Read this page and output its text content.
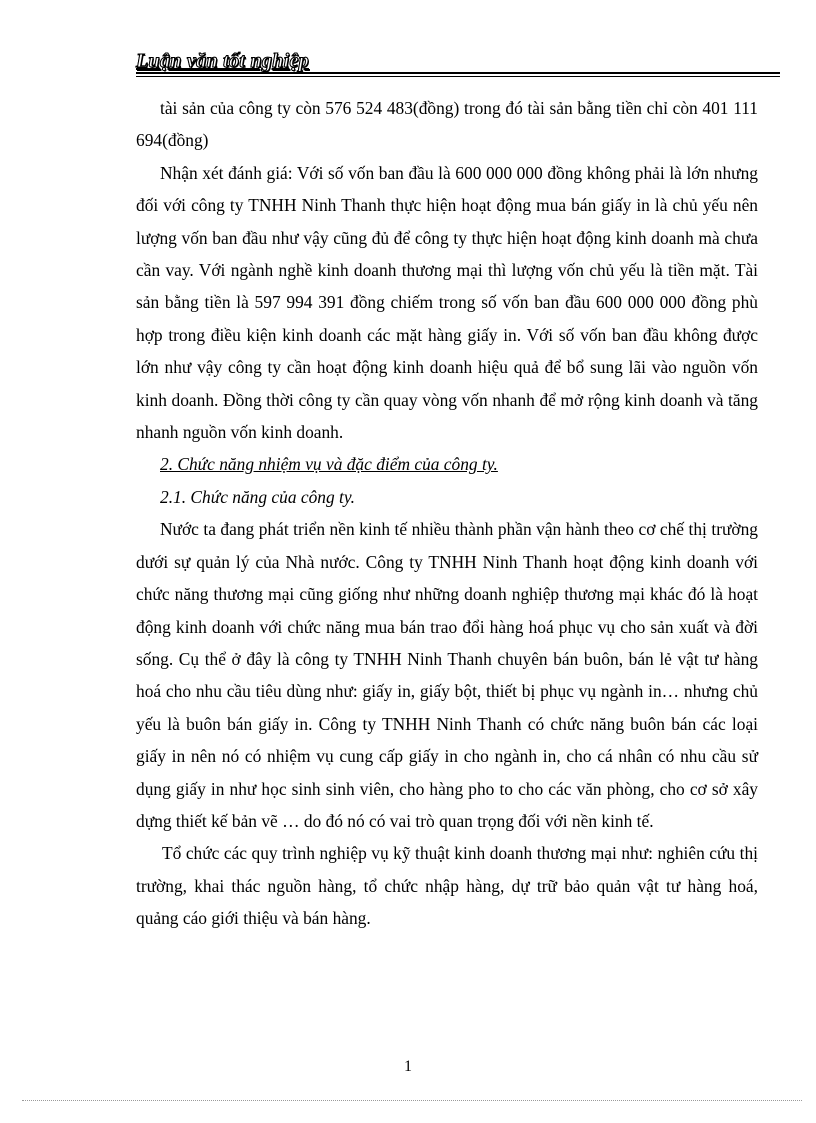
Luận văn tốt nghiệp

tài sản của công ty còn 576 524 483(đồng) trong đó tài sản bằng tiền chỉ còn 401 111 694(đồng)

Nhận xét đánh giá: Với số vốn ban đầu là 600 000 000 đồng không phải là lớn nhưng đối với công ty TNHH Ninh Thanh thực hiện hoạt động mua bán giấy in là chủ yếu nên lượng vốn ban đầu như vậy cũng đủ để công ty thực hiện hoạt động kinh doanh mà chưa cần vay. Với ngành nghề kinh doanh thương mại thì lượng vốn chủ yếu là tiền mặt. Tài sản bằng tiền là 597 994 391 đồng chiếm trong số vốn ban đầu 600 000 000 đồng phù hợp trong điều kiện kinh doanh các mặt hàng giấy in. Với số vốn ban đầu không được lớn như vậy công ty cần hoạt động kinh doanh hiệu quả để bổ sung lãi vào nguồn vốn kinh doanh. Đồng thời công ty cần quay vòng vốn nhanh để mở rộng kinh doanh và tăng nhanh nguồn vốn kinh doanh.

2. Chức năng nhiệm vụ và đặc điểm của công ty.

2.1. Chức năng của công ty.

Nước ta đang phát triển nền kinh tế nhiều thành phần vận hành theo cơ chế thị trường dưới sự quản lý của Nhà nước. Công ty TNHH Ninh Thanh hoạt động kinh doanh với chức năng thương mại cũng giống như những doanh nghiệp thương mại khác đó là hoạt động kinh doanh với chức năng mua bán trao đổi hàng hoá phục vụ cho sản xuất và đời sống. Cụ thể ở đây là công ty TNHH Ninh Thanh chuyên bán buôn, bán lẻ vật tư hàng hoá cho nhu cầu tiêu dùng như: giấy in, giấy bột, thiết bị phục vụ ngành in… nhưng chủ yếu là buôn bán giấy in. Công ty TNHH Ninh Thanh có chức năng buôn bán các loại giấy in nên nó có nhiệm vụ cung cấp giấy in cho ngành in, cho cá nhân có nhu cầu sử dụng giấy in như học sinh sinh viên, cho hàng pho to cho các văn phòng, cho cơ sở xây dựng thiết kế bản vẽ … do đó nó có vai trò quan trọng đối với nền kinh tế.

Tổ chức các quy trình nghiệp vụ kỹ thuật kinh doanh thương mại như: nghiên cứu thị trường, khai thác nguồn hàng, tổ chức nhập hàng, dự trữ bảo quản vật tư hàng hoá, quảng cáo giới thiệu và bán hàng.

1
